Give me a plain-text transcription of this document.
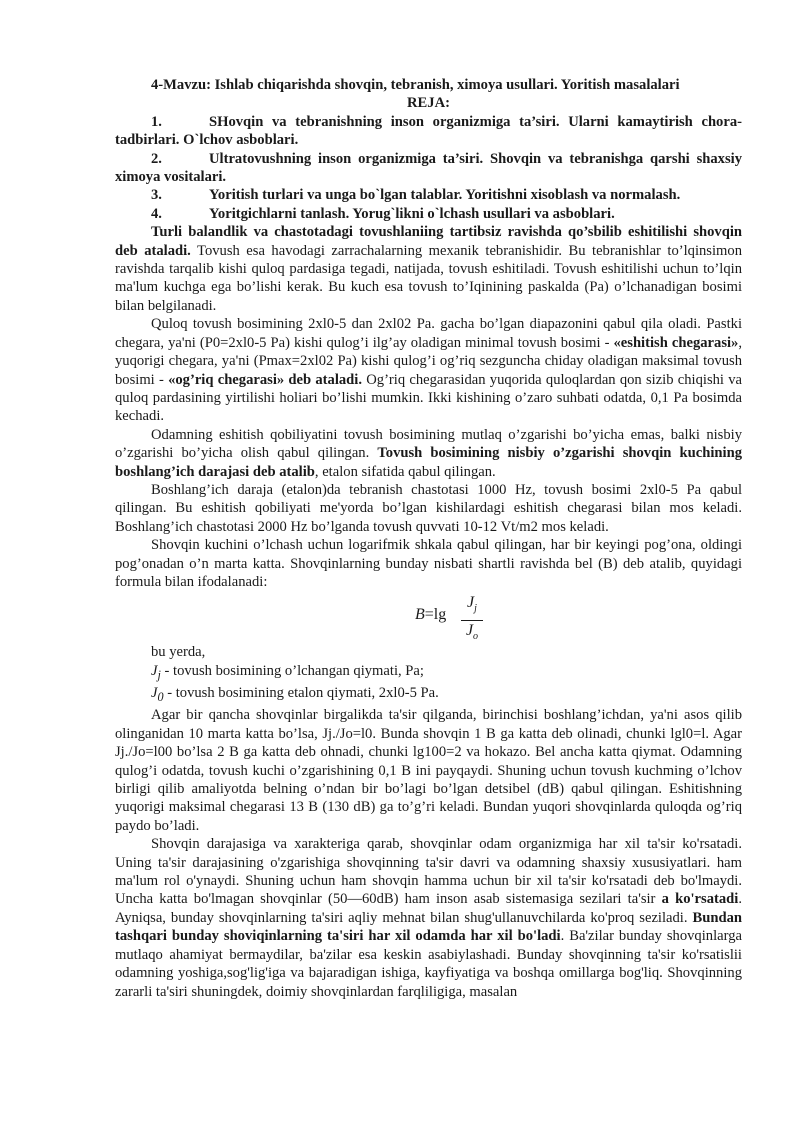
4-Mavzu: Ishlab chiqarishda shovqin, tebranish, ximoya usullari. Yoritish masalalari

REJA:

1.	SHovqin va tebranishning inson organizmiga ta’siri. Ularni kamaytirish chora-tadbirlari. O`lchov asboblari.

2.	Ultratovushning inson organizmiga ta’siri. Shovqin va tebranishga qarshi shaxsiy ximoya vositalari.

3.	Yoritish turlari va unga bo`lgan talablar. Yoritishni xisoblash va normalash.

4.	Yoritgichlarni tanlash. Yorug`likni o`lchash usullari va asboblari.

Turli balandlik va chastotadagi tovushlaniing tartibsiz ravishda qo’sbilib eshitilishi shovqin deb ataladi. Tovush esa havodagi zarrachalarning mexanik tebranishidir. Bu tebranishlar to’lqinsimon ravishda tarqalib kishi quloq pardasiga tegadi, natijada, tovush eshitiladi. Tovush eshitilishi uchun to’lqin ma'lum kuchga ega bo’lishi kerak. Bu kuch esa tovush to’Iqinining paskalda (Pa) o’lchanadigan bosimi bilan belgilanadi.

Quloq tovush bosimining 2xl0-5 dan 2xl02 Pa. gacha bo’lgan diapazonini qabul qila oladi. Pastki chegara, ya'ni (P0=2xl0-5 Pa) kishi qulog’i ilg’ay oladigan minimal tovush bosimi - «eshitish chegarasi», yuqorigi chegara, ya'ni (Pmax=2xl02 Pa) kishi qulog’i og’riq sezguncha chiday oladigan maksimal tovush bosimi - «og’riq chegarasi» deb ataladi. Og’riq chegarasidan yuqorida quloqlardan qon sizib chiqishi va quloq pardasining yirtilishi holiari bo’lishi mumkin. Ikki kishining o’zaro suhbati odatda, 0,1 Pa bosimda kechadi.

Odamning eshitish qobiliyatini tovush bosimining mutlaq o’zgarishi bo’yicha emas, balki nisbiy o’zgarishi bo’yicha olish qabul qilingan. Tovush bosimining nisbiy o’zgarishi shovqin kuchining boshlang’ich darajasi deb atalib, etalon sifatida qabul qilingan.

Boshlang’ich daraja (etalon)da tebranish chastotasi 1000 Hz, tovush bosimi 2xl0-5 Pa qabul qilingan. Bu eshitish qobiliyati me'yorda bo’lgan kishilardagi eshitish chegarasi bilan mos keladi. Boshlang’ich chastotasi 2000 Hz bo’lganda tovush quvvati 10-12 Vt/m2 mos keladi.

Shovqin kuchini o’lchash uchun logarifmik shkala qabul qilingan, har bir keyingi pog’ona, oldingi pog’onadan o’n marta katta. Shovqinlarning bunday nisbati shartli ravishda bel (B) deb atalib, quyidagi formula bilan ifodalanadi:

$B=\lg \frac{J_j}{J_o}$

bu yerda,

$J_j$ - tovush bosimining o’lchangan qiymati, Pa;

$J_0$ - tovush bosimining etalon qiymati, 2xl0-5 Pa.

Agar bir qancha shovqinlar birgalikda ta'sir qilganda, birinchisi boshlang’ichdan, ya'ni asos qilib olinganidan 10 marta katta bo’lsa, Jj./Jo=l0. Bunda shovqin 1 B ga katta deb olinadi, chunki lgl0=l. Agar Jj./Jo=l00 bo’lsa 2 B ga katta deb ohnadi, chunki lg100=2 va hokazo. Bel ancha katta qiymat. Odamning qulog’i odatda, tovush kuchi o’zgarishining 0,1 B ini payqaydi. Shuning uchun tovush kuchming o’lchov birligi qilib amaliyotda belning o’ndan bir bo’lagi bo’lgan detsibel (dB) qabul qilingan. Eshitishning yuqorigi maksimal chegarasi 13 B (130 dB) ga to’g’ri keladi. Bundan yuqori shovqinlarda quloqda og’riq paydo bo’ladi.

Shovqin darajasiga va xarakteriga qarab, shovqinlar odam organizmiga har xil ta'sir ko'rsatadi. Uning ta'sir darajasining o'zgarishiga shovqinning ta'sir davri va odamning shaxsiy xususiyatlari. ham ma'lum rol o'ynaydi. Shuning uchun ham shovqin hamma uchun bir xil ta'sir ko'rsatadi deb bo'lmaydi. Uncha katta bo'lmagan shovqinlar (50—60dB) ham inson asab sistemasiga sezilari ta'sir a ko'rsatadi. Ayniqsa, bunday shovqinlarning ta'siri aqliy mehnat bilan shug'ullanuvchilarda ko'proq seziladi. Bundan tashqari bunday shoviqinlarning ta'siri har xil odamda har xil bo'ladi. Ba'zilar bunday shovqinlarga mutlaqo ahamiyat bermaydilar, ba'zilar esa keskin asabiylashadi. Bunday shovqinning ta'sir ko'rsatislii odamning yoshiga,sog'lig'iga va bajaradigan ishiga, kayfiyatiga va boshqa omillarga bog'liq. Shovqinning zararli ta'siri shuningdek, doimiy shovqinlardan farqliligiga, masalan
